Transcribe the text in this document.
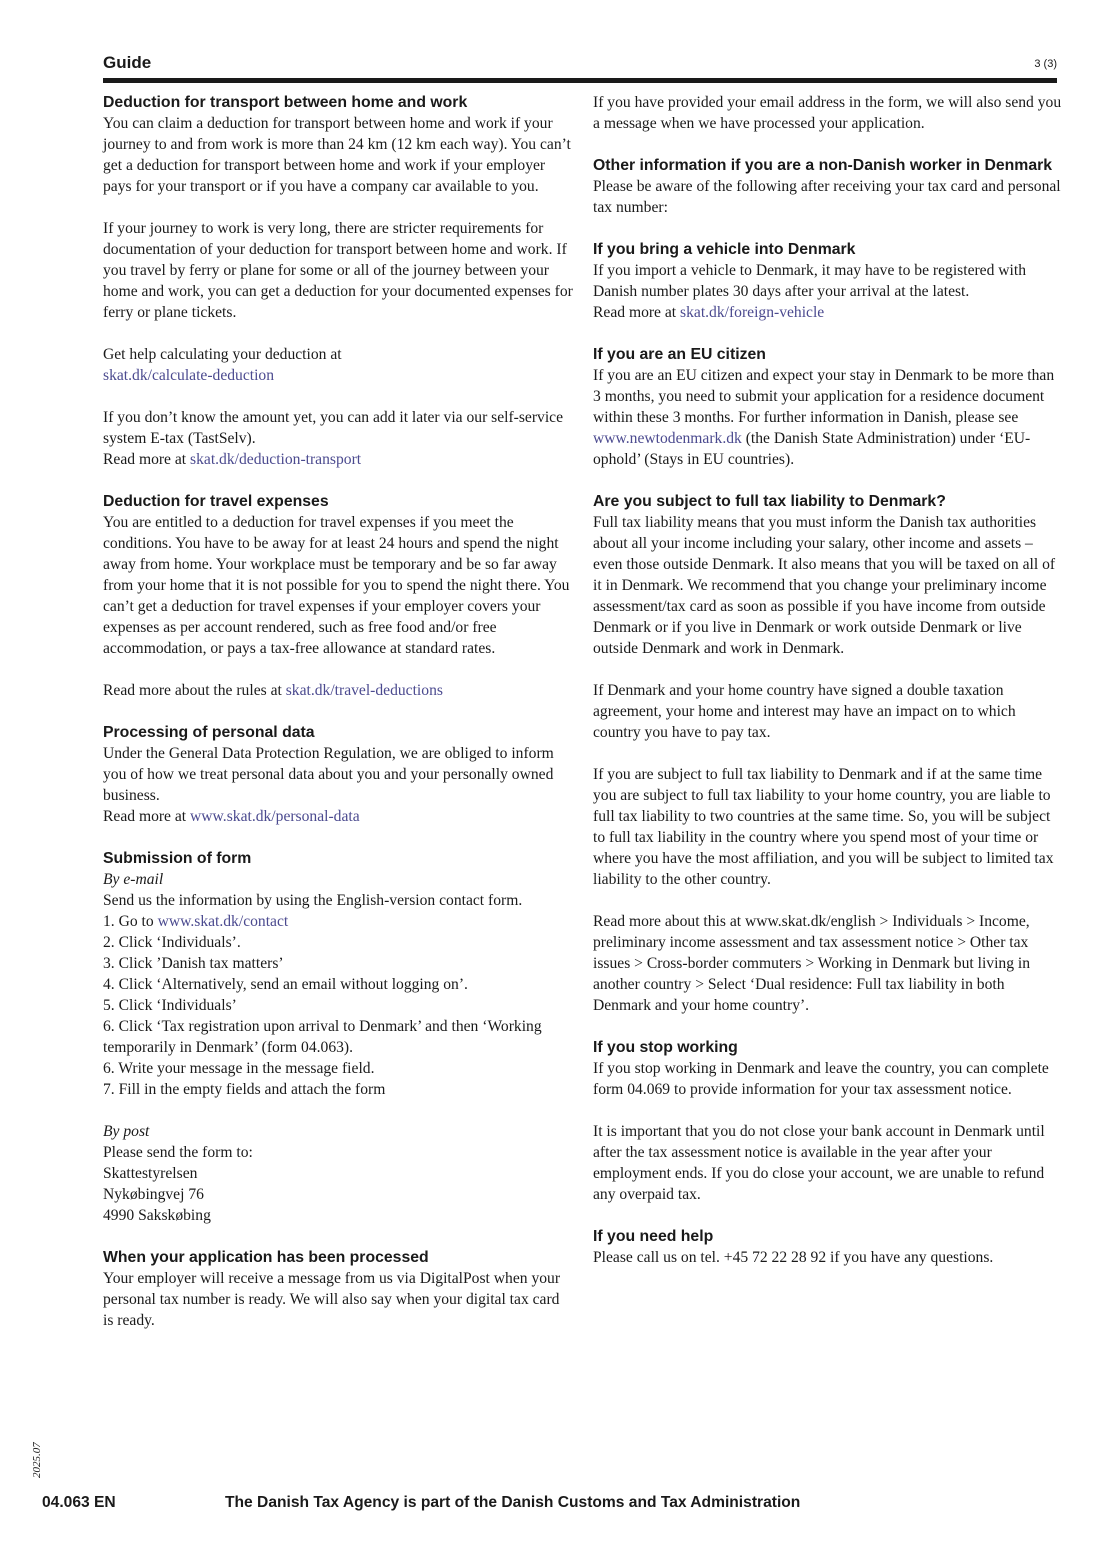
Guide	3 (3)
Deduction for transport between home and work

You can claim a deduction for transport between home and work if your journey to and from work is more than 24 km (12 km each way). You can’t get a deduction for transport between home and work if your employer pays for your transport or if you have a company car available to you.

If your journey to work is very long, there are stricter requirements for documentation of your deduction for transport between home and work. If you travel by ferry or plane for some or all of the journey between your home and work, you can get a deduction for your documented expenses for ferry or plane tickets.

Get help calculating your deduction at
skat.dk/calculate-deduction

If you don’t know the amount yet, you can add it later via our self-service system E-tax (TastSelv).
Read more at skat.dk/deduction-transport

Deduction for travel expenses

You are entitled to a deduction for travel expenses if you meet the conditions. You have to be away for at least 24 hours and spend the night away from home. Your workplace must be temporary and be so far away from your home that it is not possible for you to spend the night there. You can’t get a deduction for travel expenses if your employer covers your expenses as per account rendered, such as free food and/or free accommodation, or pays a tax-free allowance at standard rates.

Read more about the rules at skat.dk/travel-deductions

Processing of personal data

Under the General Data Protection Regulation, we are obliged to inform you of how we treat personal data about you and your personally owned business.
Read more at www.skat.dk/personal-data

Submission of form

By e-mail
Send us the information by using the English-version contact form.
1. Go to www.skat.dk/contact
2. Click ‘Individuals’.
3. Click ’Danish tax matters’
4. Click ‘Alternatively, send an email without logging on’.
5. Click ‘Individuals’
6. Click ‘Tax registration upon arrival to Denmark’ and then ‘Working temporarily in Denmark’ (form 04.063).
6. Write your message in the message field.
7. Fill in the empty fields and attach the form

By post
Please send the form to:
Skattestyrelsen
Nykøbingvej 76
4990 Sakskøbing

When your application has been processed

Your employer will receive a message from us via DigitalPost when your personal tax number is ready. We will also say when your digital tax card is ready.

If you have provided your email address in the form, we will also send you a message when we have processed your application.

Other information if you are a non-Danish worker in Denmark

Please be aware of the following after receiving your tax card and personal tax number:

If you bring a vehicle into Denmark

If you import a vehicle to Denmark, it may have to be registered with Danish number plates 30 days after your arrival at the latest.
Read more at skat.dk/foreign-vehicle

If you are an EU citizen

If you are an EU citizen and expect your stay in Denmark to be more than 3 months, you need to submit your application for a residence document within these 3 months. For further information in Danish, please see www.newtodenmark.dk (the Danish State Administration) under ‘EU-ophold’ (Stays in EU countries).

Are you subject to full tax liability to Denmark?

Full tax liability means that you must inform the Danish tax authorities about all your income including your salary, other income and assets – even those outside Denmark. It also means that you will be taxed on all of it in Denmark. We recommend that you change your preliminary income assessment/tax card as soon as possible if you have income from outside Denmark or if you live in Denmark or work outside Denmark or live outside Denmark and work in Denmark.

If Denmark and your home country have signed a double taxation agreement, your home and interest may have an impact on to which country you have to pay tax.

If you are subject to full tax liability to Denmark and if at the same time you are subject to full tax liability to your home country, you are liable to full tax liability to two countries at the same time. So, you will be subject to full tax liability in the country where you spend most of your time or where you have the most affiliation, and you will be subject to limited tax liability to the other country.

Read more about this at www.skat.dk/english > Individuals > Income, preliminary income assessment and tax assessment notice > Other tax issues > Cross-border commuters > Working in Denmark but living in another country > Select ‘Dual residence: Full tax liability in both Denmark and your home country’.

If you stop working

If you stop working in Denmark and leave the country, you can complete form 04.069 to provide information for your tax assessment notice.

It is important that you do not close your bank account in Denmark until after the tax assessment notice is available in the year after your employment ends. If you do close your account, we are unable to refund any overpaid tax.

If you need help

Please call us on tel. +45 72 22 28 92 if you have any questions.

2025.07
04.063 EN	The Danish Tax Agency is part of the Danish Customs and Tax Administration
